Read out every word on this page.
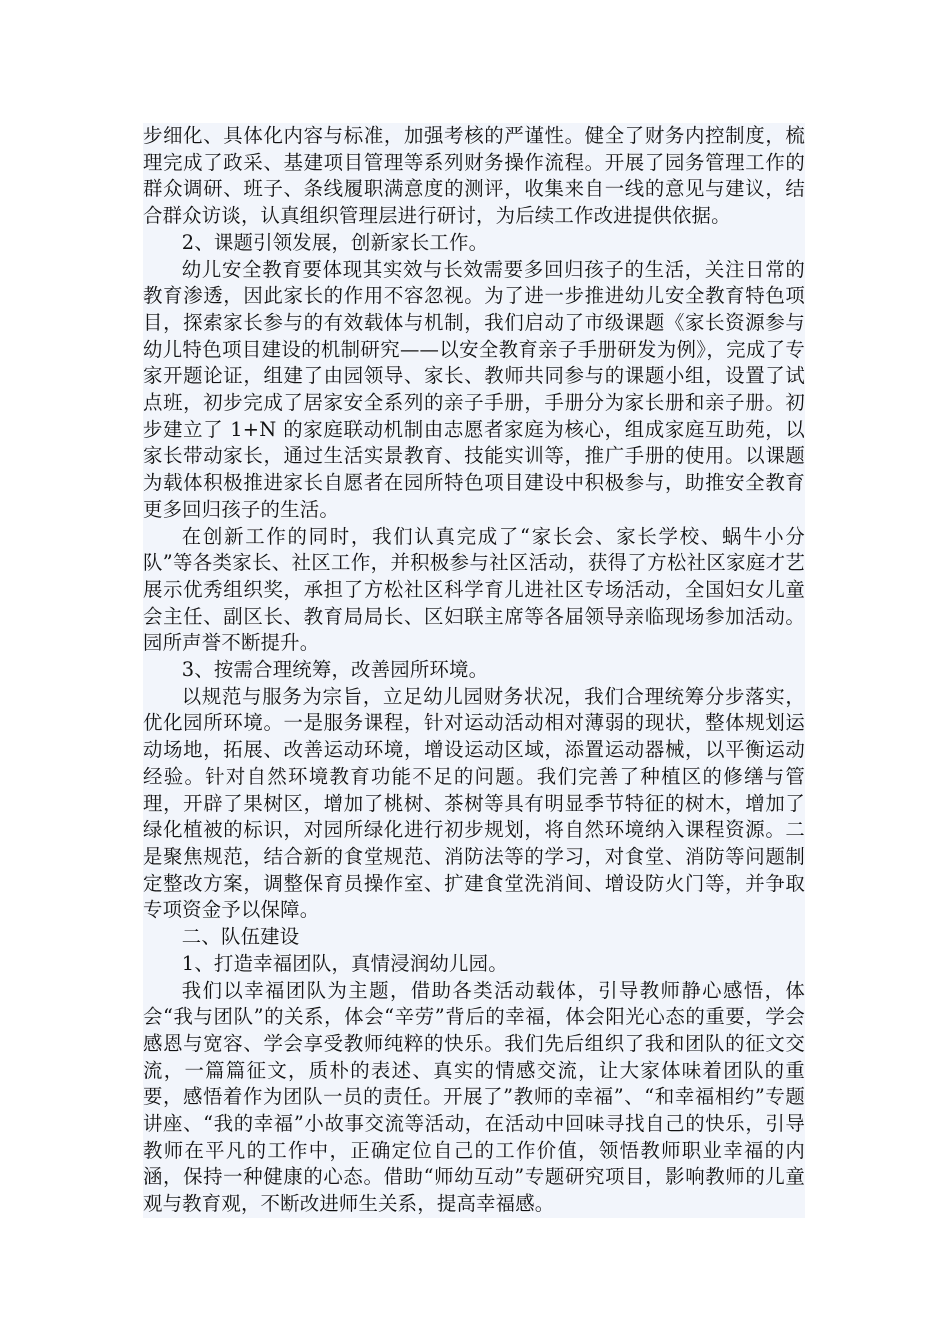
步细化、具体化内容与标准，加强考核的严谨性。健全了财务内控制度，梳理完成了政采、基建项目管理等系列财务操作流程。开展了园务管理工作的群众调研、班子、条线履职满意度的测评，收集来自一线的意见与建议，结合群众访谈，认真组织管理层进行研讨，为后续工作改进提供依据。

2、课题引领发展，创新家长工作。

幼儿安全教育要体现其实效与长效需要多回归孩子的生活，关注日常的教育渗透，因此家长的作用不容忽视。为了进一步推进幼儿安全教育特色项目，探索家长参与的有效载体与机制，我们启动了市级课题《家长资源参与幼儿特色项目建设的机制研究——以安全教育亲子手册研发为例》，完成了专家开题论证，组建了由园领导、家长、教师共同参与的课题小组，设置了试点班，初步完成了居家安全系列的亲子手册，手册分为家长册和亲子册。初步建立了 1+N 的家庭联动机制由志愿者家庭为核心，组成家庭互助苑，以家长带动家长，通过生活实景教育、技能实训等，推广手册的使用。以课题为载体积极推进家长自愿者在园所特色项目建设中积极参与，助推安全教育更多回归孩子的生活。

在创新工作的同时，我们认真完成了“家长会、家长学校、蜗牛小分队”等各类家长、社区工作，并积极参与社区活动，获得了方松社区家庭才艺展示优秀组织奖，承担了方松社区科学育儿进社区专场活动，全国妇女儿童会主任、副区长、教育局局长、区妇联主席等各届领导亲临现场参加活动。园所声誉不断提升。

3、按需合理统筹，改善园所环境。

以规范与服务为宗旨，立足幼儿园财务状况，我们合理统筹分步落实，优化园所环境。一是服务课程，针对运动活动相对薄弱的现状，整体规划运动场地，拓展、改善运动环境，增设运动区域，添置运动器械，以平衡运动经验。针对自然环境教育功能不足的问题。我们完善了种植区的修缮与管理，开辟了果树区，增加了桃树、茶树等具有明显季节特征的树木，增加了绿化植被的标识，对园所绿化进行初步规划，将自然环境纳入课程资源。二是聚焦规范，结合新的食堂规范、消防法等的学习，对食堂、消防等问题制定整改方案，调整保育员操作室、扩建食堂洗消间、增设防火门等，并争取专项资金予以保障。

二、队伍建设

1、打造幸福团队，真情浸润幼儿园。

我们以幸福团队为主题，借助各类活动载体，引导教师静心感悟，体会“我与团队”的关系，体会“辛劳”背后的幸福，体会阳光心态的重要，学会感恩与宽容、学会享受教师纯粹的快乐。我们先后组织了我和团队的征文交流，一篇篇征文，质朴的表述、真实的情感交流，让大家体味着团队的重要，感悟着作为团队一员的责任。开展了”教师的幸福”、“和幸福相约”专题讲座、“我的幸福”小故事交流等活动，在活动中回味寻找自己的快乐，引导教师在平凡的工作中，正确定位自己的工作价值，领悟教师职业幸福的内涵，保持一种健康的心态。借助“师幼互动”专题研究项目，影响教师的儿童观与教育观，不断改进师生关系，提高幸福感。
